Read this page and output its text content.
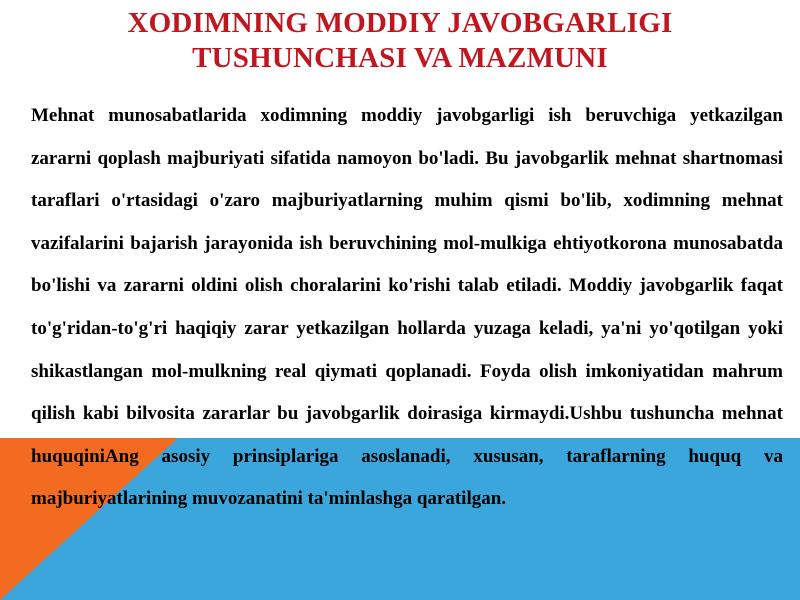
XODIMNING MODDIY JAVOBGARLIGI
TUSHUNCHASI VA MAZMUNI

Mehnat munosabatlarida xodimning moddiy javobgarligi ish beruvchiga yetkazilgan zararni qoplash majburiyati sifatida namoyon bo'ladi. Bu javobgarlik mehnat shartnomasi taraflari o'rtasidagi o'zaro majburiyatlarning muhim qismi bo'lib, xodimning mehnat vazifalarini bajarish jarayonida ish beruvchining mol-mulkiga ehtiyotkorona munosabatda bo'lishi va zararni oldini olish choralarini ko'rishi talab etiladi. Moddiy javobgarlik faqat to'g'ridan-to'g'ri haqiqiy zarar yetkazilgan hollarda yuzaga keladi, ya'ni yo'qotilgan yoki shikastlangan mol-mulkning real qiymati qoplanadi. Foyda olish imkoniyatidan mahrum qilish kabi bilvosita zararlar bu javobgarlik doirasiga kirmaydi.Ushbu tushuncha mehnat huquqiniAng asosiy prinsiplariga asoslanadi, xususan, taraflarning huquq va majburiyatlarining muvozanatini ta'minlashga qaratilgan.
